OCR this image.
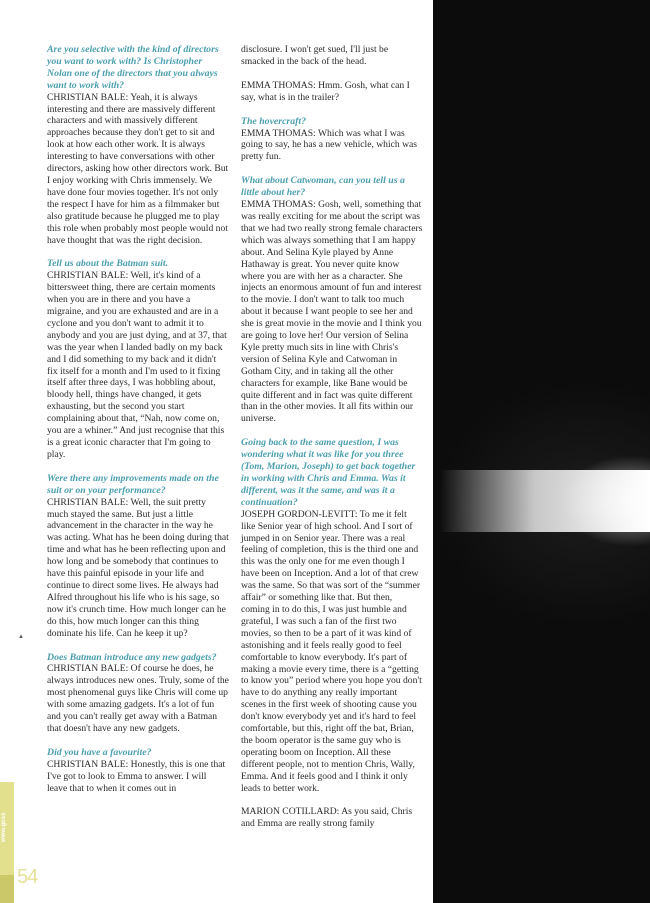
Are you selective with the kind of directors you want to work with? Is Christopher Nolan one of the directors that you always want to work with?

CHRISTIAN BALE: Yeah, it is always interesting and there are massively different characters and with massively different approaches because they don't get to sit and look at how each other work. It is always interesting to have conversations with other directors, asking how other directors work. But I enjoy working with Chris immensely. We have done four movies together. It's not only the respect I have for him as a filmmaker but also gratitude because he plugged me to play this role when probably most people would not have thought that was the right decision.

Tell us about the Batman suit.

CHRISTIAN BALE: Well, it's kind of a bittersweet thing, there are certain moments when you are in there and you have a migraine, and you are exhausted and are in a cyclone and you don't want to admit it to anybody and you are just dying, and at 37, that was the year when I landed badly on my back and I did something to my back and it didn't fix itself for a month and I'm used to it fixing itself after three days, I was hobbling about, bloody hell, things have changed, it gets exhausting, but the second you start complaining about that, “Nah, now come on, you are a whiner.” And just recognise that this is a great iconic character that I'm going to play.

Were there any improvements made on the suit or on your performance?

CHRISTIAN BALE: Well, the suit pretty much stayed the same. But just a little advancement in the character in the way he was acting. What has he been doing during that time and what has he been reflecting upon and how long and be somebody that continues to have this painful episode in your life and continue to direct some lives. He always had Alfred throughout his life who is his sage, so now it's crunch time. How much longer can he do this, how much longer can this thing dominate his life. Can he keep it up?

Does Batman introduce any new gadgets?

CHRISTIAN BALE: Of course he does, he always introduces new ones. Truly, some of the most phenomenal guys like Chris will come up with some amazing gadgets. It's a lot of fun and you can't really get away with a Batman that doesn't have any new gadgets.

Did you have a favourite?

CHRISTIAN BALE: Honestly, this is one that I've got to look to Emma to answer. I will leave that to when it comes out in

disclosure. I won't get sued, I'll just be smacked in the back of the head.

EMMA THOMAS: Hmm. Gosh, what can I say, what is in the trailer?

The hovercraft?

EMMA THOMAS: Which was what I was going to say, he has a new vehicle, which was pretty fun.

What about Catwoman, can you tell us a little about her?

EMMA THOMAS: Gosh, well, something that was really exciting for me about the script was that we had two really strong female characters which was always something that I am happy about. And Selina Kyle played by Anne Hathaway is great. You never quite know where you are with her as a character. She injects an enormous amount of fun and interest to the movie. I don't want to talk too much about it because I want people to see her and she is great movie in the movie and I think you are going to love her! Our version of Selina Kyle pretty much sits in line with Chris's version of Selina Kyle and Catwoman in Gotham City, and in taking all the other characters for example, like Bane would be quite different and in fact was quite different than in the other movies. It all fits within our universe.

Going back to the same question, I was wondering what it was like for you three (Tom, Marion, Joseph) to get back together in working with Chris and Emma. Was it different, was it the same, and was it a continuation?

JOSEPH GORDON-LEVITT: To me it felt like Senior year of high school. And I sort of jumped in on Senior year. There was a real feeling of completion, this is the third one and this was the only one for me even though I have been on Inception. And a lot of that crew was the same. So that was sort of the “summer affair” or something like that. But then, coming in to do this, I was just humble and grateful, I was such a fan of the first two movies, so then to be a part of it was kind of astonishing and it feels really good to feel comfortable to know everybody. It's part of making a movie every time, there is a “getting to know you” period where you hope you don't have to do anything any really important scenes in the first week of shooting cause you don't know everybody yet and it's hard to feel comfortable, but this, right off the bat, Brian, the boom operator is the same guy who is operating boom on Inception. All these different people, not to mention Chris, Wally, Emma. And it feels good and I think it only leads to better work.

MARION COTILLARD: As you said, Chris and Emma are really strong family

▲
www.goss
54
